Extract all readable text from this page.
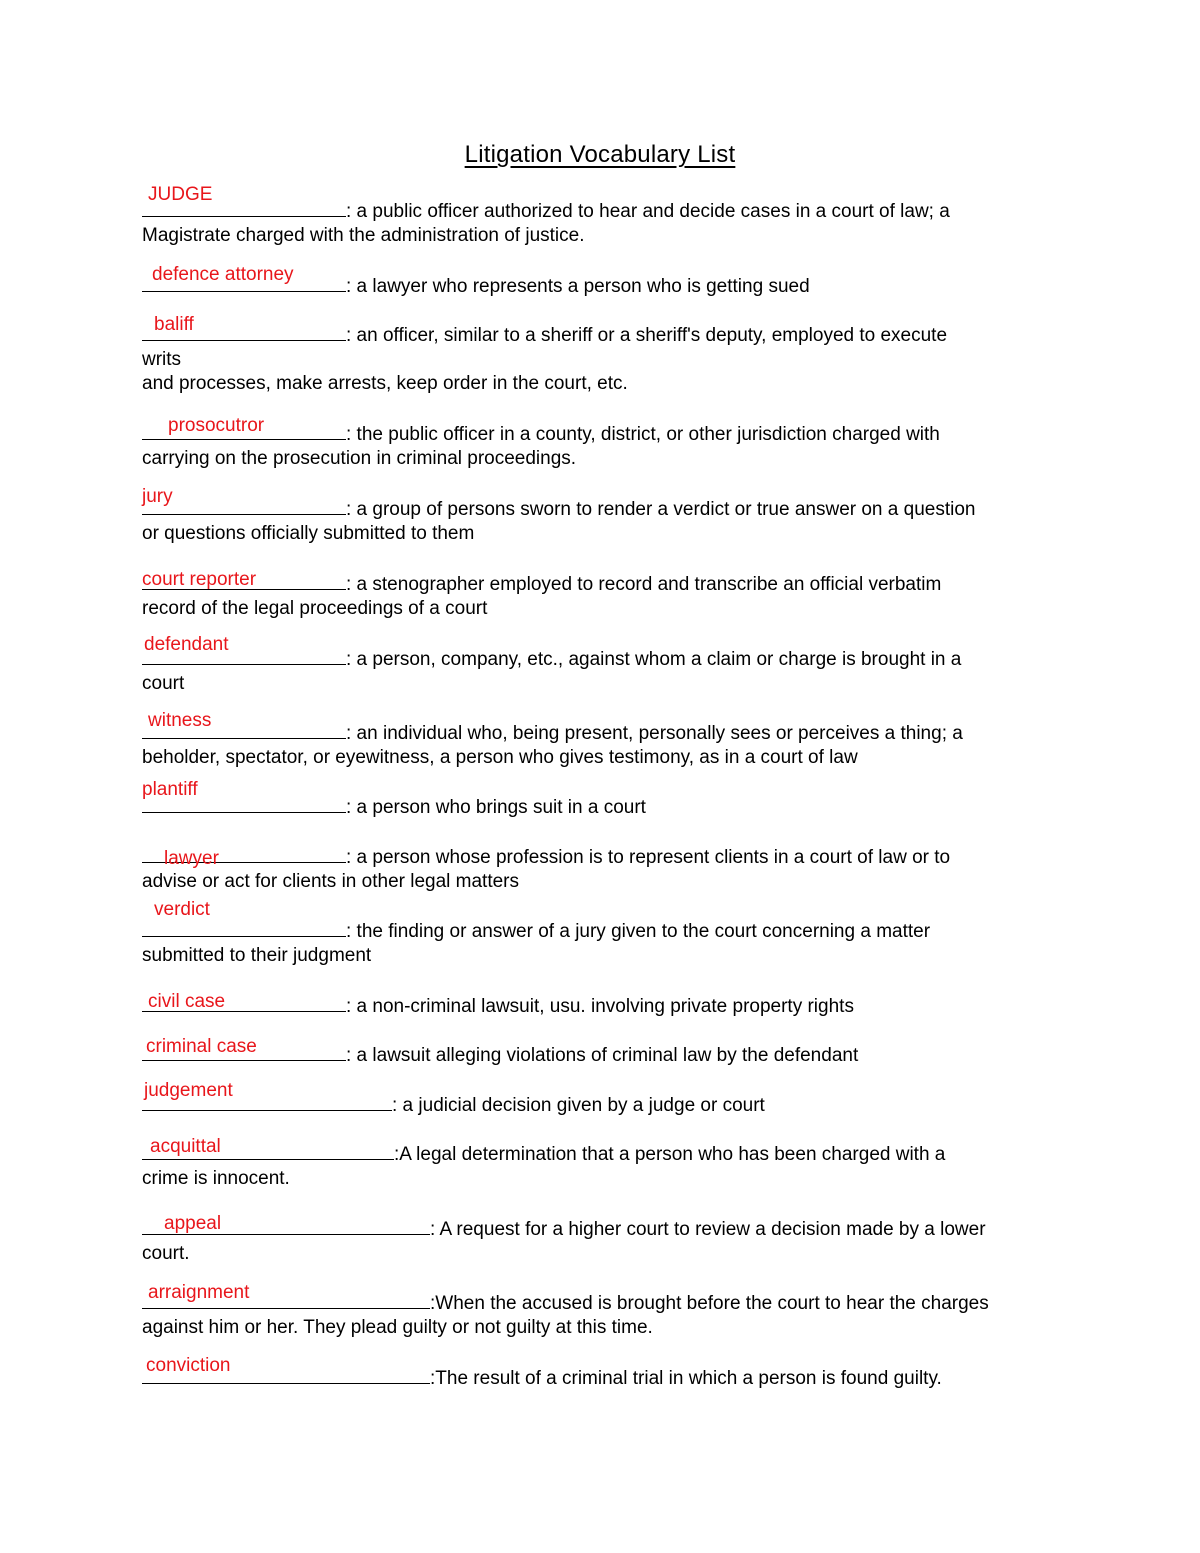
Litigation Vocabulary List
JUDGE
: a public officer authorized to hear and decide cases in a court of law; a
Magistrate charged with the administration of justice.
defence attorney
: a lawyer who represents a person who is getting sued
baliff
: an officer, similar to a sheriff or a sheriff's deputy, employed to execute
writs
and processes, make arrests, keep order in the court, etc.
prosocutror	: the public officer in a county, district, or other jurisdiction charged with
carrying on the prosecution in criminal proceedings.
jury
: a group of persons sworn to render a verdict or true answer on a question
or questions officially submitted to them
court reporter	: a stenographer employed to record and transcribe an official verbatim
record of the legal proceedings of a court
defendant
: a person, company, etc., against whom a claim or charge is brought in a
court
witness
: an individual who, being present, personally sees or perceives a thing; a
beholder, spectator, or eyewitness, a person who gives testimony, as in a court of law
plantiff
: a person who brings suit in a court
lawyer	: a person whose profession is to represent clients in a court of law or to
advise or act for clients in other legal matters
verdict
: the finding or answer of a jury given to the court concerning a matter
submitted to their judgment
civil case	: a non-criminal lawsuit, usu. involving private property rights
criminal case	: a lawsuit alleging violations of criminal law by the defendant
judgement
: a judicial decision given by a judge or court
acquittal	:A legal determination that a person who has been charged with a
crime is innocent.
appeal	: A request for a higher court to review a decision made by a lower
court.
arraignment
:When the accused is brought before the court to hear the charges
against him or her. They plead guilty or not guilty at this time.
conviction
:The result of a criminal trial in which a person is found guilty.
